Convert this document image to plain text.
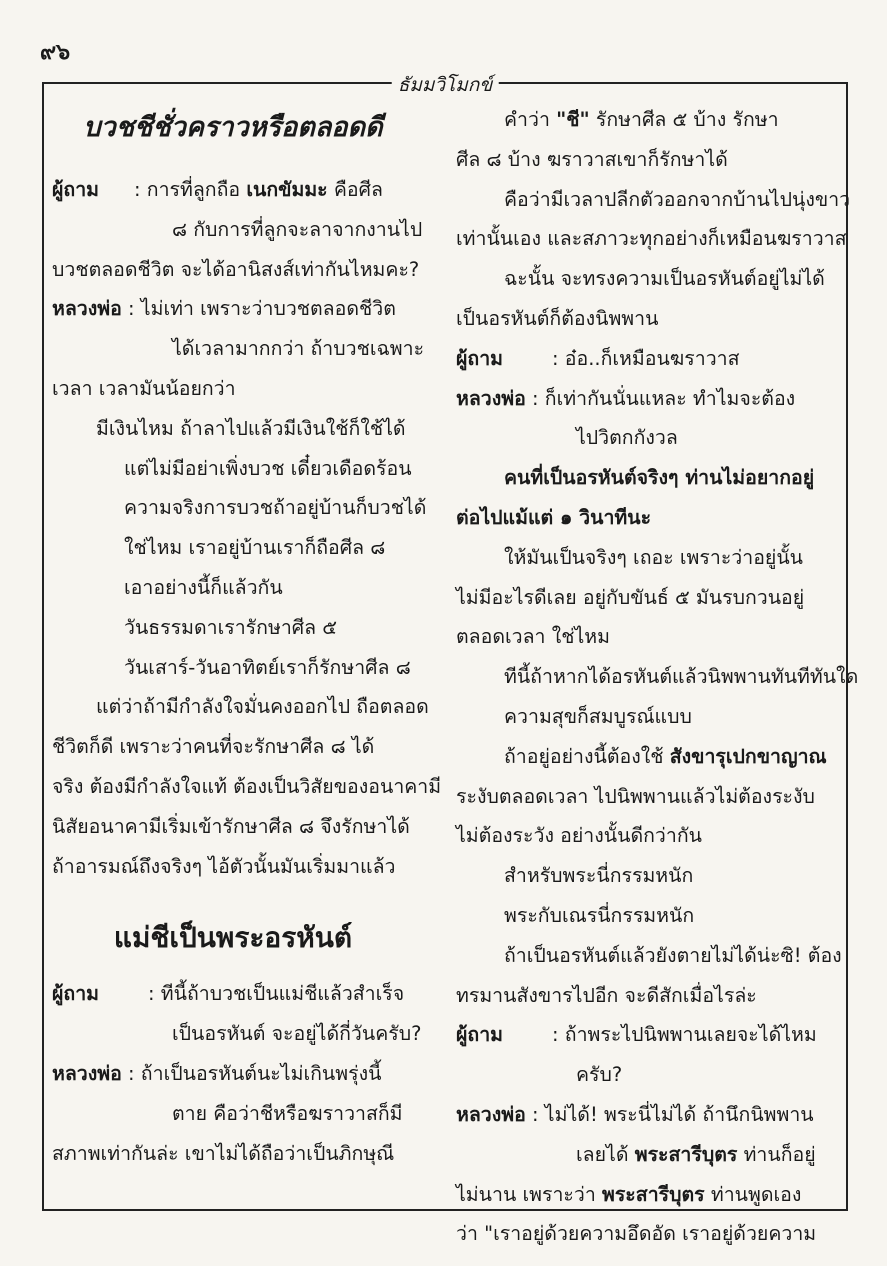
๙๖
ธัมมวิโมกข์

บวชชีชั่วคราวหรือตลอดดี

ผู้ถาม : การที่ลูกถือ เนกขัมมะ คือศีล

๘ กับการที่ลูกจะลาจากงานไป

บวชตลอดชีวิต จะได้อานิสงส์เท่ากันไหมคะ?

หลวงพ่อ : ไม่เท่า เพราะว่าบวชตลอดชีวิต

ได้เวลามากกว่า ถ้าบวชเฉพาะ

เวลา เวลามันน้อยกว่า

มีเงินไหม ถ้าลาไปแล้วมีเงินใช้ก็ใช้ได้

แต่ไม่มีอย่าเพิ่งบวช เดี๋ยวเดือดร้อน

ความจริงการบวชถ้าอยู่บ้านก็บวชได้

ใช่ไหม เราอยู่บ้านเราก็ถือศีล ๘

เอาอย่างนี้ก็แล้วกัน

วันธรรมดาเรารักษาศีล ๕

วันเสาร์-วันอาทิตย์เราก็รักษาศีล ๘

แต่ว่าถ้ามีกำลังใจมั่นคงออกไป ถือตลอด

ชีวิตก็ดี เพราะว่าคนที่จะรักษาศีล ๘ ได้

จริง ต้องมีกำลังใจแท้ ต้องเป็นวิสัยของอนาคามี

นิสัยอนาคามีเริ่มเข้ารักษาศีล ๘ จึงรักษาได้

ถ้าอารมณ์ถึงจริงๆ ไอ้ตัวนั้นมันเริ่มมาแล้ว

แม่ชีเป็นพระอรหันต์

ผู้ถาม	: ทีนี้ถ้าบวชเป็นแม่ชีแล้วสำเร็จ

เป็นอรหันต์ จะอยู่ได้กี่วันครับ?

หลวงพ่อ : ถ้าเป็นอรหันต์นะไม่เกินพรุ่งนี้

ตาย คือว่าชีหรือฆราวาสก็มี

สภาพเท่ากันล่ะ เขาไม่ได้ถือว่าเป็นภิกษุณี

คำว่า "ชี" รักษาศีล ๕ บ้าง รักษา

ศีล ๘ บ้าง ฆราวาสเขาก็รักษาได้

คือว่ามีเวลาปลีกตัวออกจากบ้านไปนุ่งขาว

เท่านั้นเอง และสภาวะทุกอย่างก็เหมือนฆราวาส

ฉะนั้น จะทรงความเป็นอรหันต์อยู่ไม่ได้

เป็นอรหันต์ก็ต้องนิพพาน

ผู้ถาม	: อ๋อ..ก็เหมือนฆราวาส

หลวงพ่อ : ก็เท่ากันนั่นแหละ ทำไมจะต้อง

ไปวิตกกังวล

คนที่เป็นอรหันต์จริงๆ ท่านไม่อยากอยู่

ต่อไปแม้แต่ ๑ วินาทีนะ

ให้มันเป็นจริงๆ เถอะ เพราะว่าอยู่นั้น

ไม่มีอะไรดีเลย อยู่กับขันธ์ ๕ มันรบกวนอยู่

ตลอดเวลา ใช่ไหม

ทีนี้ถ้าหากได้อรหันต์แล้วนิพพานทันทีทันใด

ความสุขก็สมบูรณ์แบบ

ถ้าอยู่อย่างนี้ต้องใช้ สังขารุเปกขาญาณ

ระงับตลอดเวลา ไปนิพพานแล้วไม่ต้องระงับ

ไม่ต้องระวัง อย่างนั้นดีกว่ากัน

สำหรับพระนี่กรรมหนัก

พระกับเณรนี่กรรมหนัก

ถ้าเป็นอรหันต์แล้วยังตายไม่ได้น่ะซิ! ต้อง

ทรมานสังขารไปอีก จะดีสักเมื่อไรล่ะ

ผู้ถาม	: ถ้าพระไปนิพพานเลยจะได้ไหม

ครับ?

หลวงพ่อ : ไม่ได้! พระนี่ไม่ได้ ถ้านึกนิพพาน

เลยได้ พระสารีบุตร ท่านก็อยู่

ไม่นาน เพราะว่า พระสารีบุตร ท่านพูดเอง

ว่า "เราอยู่ด้วยความอึดอัด เราอยู่ด้วยความ
